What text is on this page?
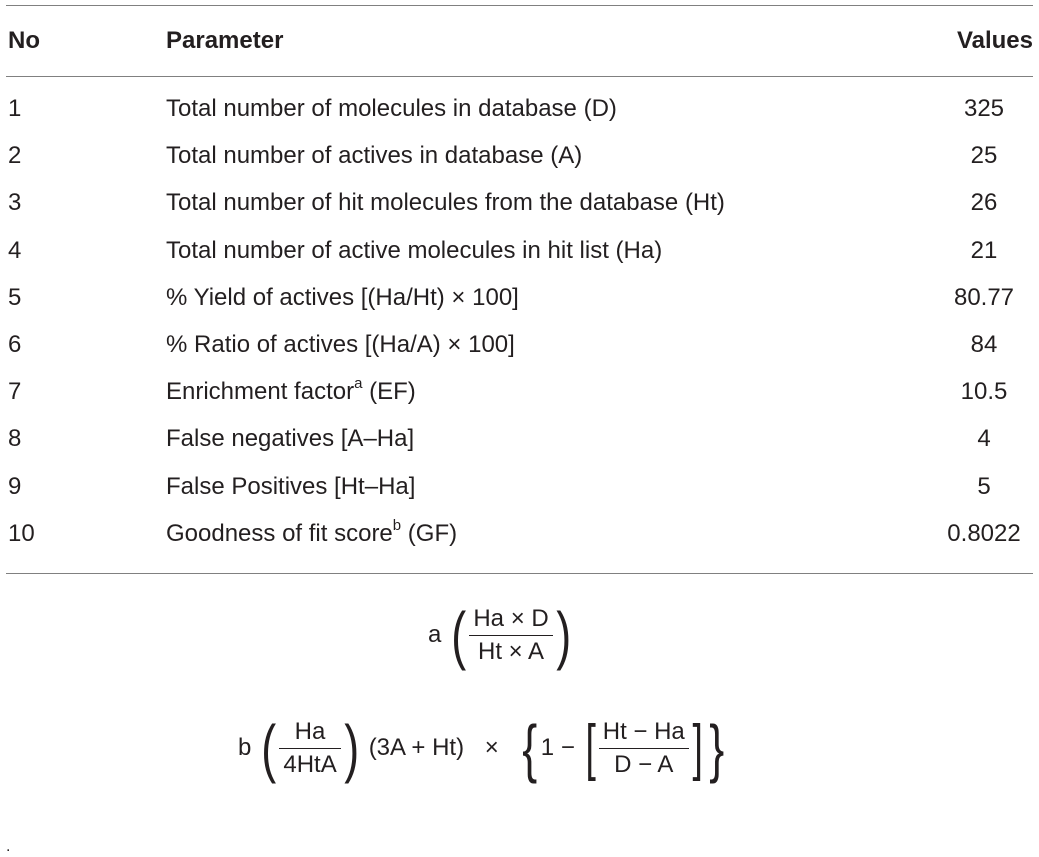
No	Parameter	Values
1	Total number of molecules in database (D)	325
2	Total number of actives in database (A)	25
3	Total number of hit molecules from the database (Ht)	26
4	Total number of active molecules in hit list (Ha)	21
5	% Yield of actives [(Ha/Ht) × 100]	80.77
6	% Ratio of actives [(Ha/A) × 100]	84
7	Enrichment factor$^a$ (EF)	10.5
8	False negatives [A–Ha]	4
9	False Positives [Ht–Ha]	5
10	Goodness of fit score$^b$ (GF)	0.8022
a ( $\frac{Ha \times D}{Ht \times A}$ )
b ( $\frac{Ha}{\text{4HtA}}$ ) (3A + Ht) × { 1 − [ $\frac{Ht - Ha}{D - A}$ ] }
.
